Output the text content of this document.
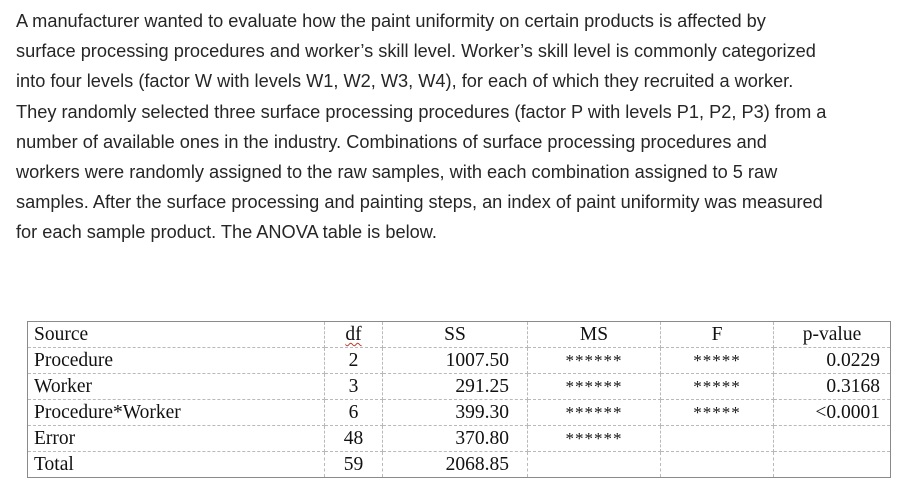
A manufacturer wanted to evaluate how the paint uniformity on certain products is affected by
surface processing procedures and worker’s skill level. Worker’s skill level is commonly categorized
into four levels (factor W with levels W1, W2, W3, W4), for each of which they recruited a worker.
They randomly selected three surface processing procedures (factor P with levels P1, P2, P3) from a
number of available ones in the industry. Combinations of surface processing procedures and
workers were randomly assigned to the raw samples, with each combination assigned to 5 raw
samples. After the surface processing and painting steps, an index of paint uniformity was measured
for each sample product. The ANOVA table is below.
Source	df	SS	MS	F	p-value
Procedure	2	1007.50	******	*****	0.0229
Worker	3	291.25	******	*****	0.3168
Procedure*Worker	6	399.30	******	*****	<0.0001
Error	48	370.80	******		
Total	59	2068.85			
